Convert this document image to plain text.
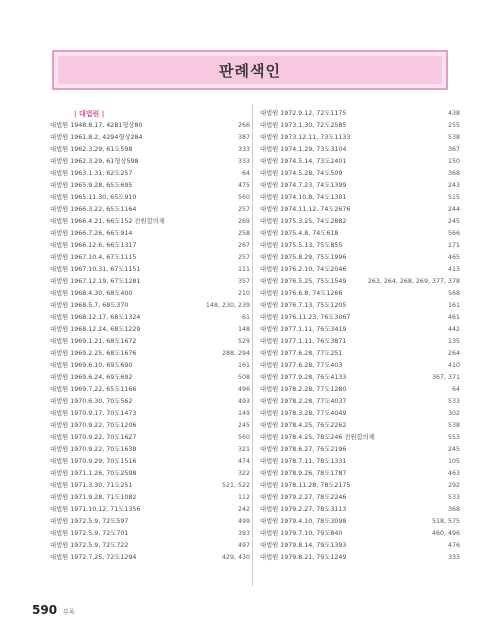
판례색인
| 대법원 |
대법원 1948.8.17, 4281형상80	266
대법원 1961.8.2, 4294형상284	387
대법원 1962.3.29, 61도598	333
대법원 1962.3.29, 61형상598	333
대법원 1963.1.31, 62도257	64
대법원 1965.9.28, 65도695	475
대법원 1965.11.30, 65도910	560
대법원 1966.3.22, 65도1164	257
대법원 1966.4.21, 66도152 전원합의체	269
대법원 1966.7.26, 66도914	258
대법원 1966.12.6, 66도1317	267
대법원 1967.10.4, 67도1115	257
대법원 1967.10.31, 67도1151	111
대법원 1967.12.19, 67도1281	357
대법원 1968.4.30, 68도400	210
대법원 1968.5.7, 68도370	148, 230, 239
대법원 1968.12.17, 68도1324	61
대법원 1968.12.24, 68도1229	148
대법원 1969.1.21, 68도1672	529
대법원 1969.2.25, 68도1676	288, 294
대법원 1969.6.10, 69도690	161
대법원 1969.6.24, 69도692	508
대법원 1969.7.22, 65도1166	496
대법원 1970.6.30, 70도562	493
대법원 1970.9.17, 70도1473	149
대법원 1970.9.22, 70도1206	245
대법원 1970.9.22, 70도1627	560
대법원 1970.9.22, 70도1638	321
대법원 1970.9.29, 70도1516	474
대법원 1971.1.26, 70도2598	322
대법원 1971.3.30, 71도251	521, 522
대법원 1971.9.28, 71도1082	112
대법원 1971.10.12, 71도1356	242
대법원 1972.5.9, 72도597	499
대법원 1972.5.9, 72도701	393
대법원 1972.5.9, 72도722	497
대법원 1972.7.25, 72도1294	429, 430
대법원 1972.9.12, 72도1175	438
대법원 1973.1.30, 72도2585	255
대법원 1973.12.11, 73도1133	538
대법원 1974.1.29, 73도3104	367
대법원 1974.5.14, 73도2401	150
대법원 1974.5.28, 74도509	368
대법원 1974.7.23, 74도1399	243
대법원 1974.10.8, 74도1301	515
대법원 1974.11.12, 74도2676	244
대법원 1975.3.25, 74도2882	245
대법원 1975.4.8, 74도618	566
대법원 1975.5.13, 75도855	171
대법원 1975.8.29, 75도1996	465
대법원 1976.2.10, 74도2046	413
대법원 1976.5.25, 75도1549	263, 264, 268, 269, 377, 378
대법원 1976.6.8, 74도1266	568
대법원 1976.7.13, 75도1205	161
대법원 1976.11.23, 76도3067	461
대법원 1977.1.11, 76도3419	442
대법원 1977.1.11, 76도3871	135
대법원 1977.6.28, 77도251	264
대법원 1977.6.28, 77도403	410
대법원 1977.9.28, 76도4133	367, 371
대법원 1978.2.28, 77도1280	64
대법원 1978.2.28, 77도4037	533
대법원 1978.3.28, 77도4049	302
대법원 1978.4.25, 76도2262	538
대법원 1978.4.25, 78도246 전원합의체	553
대법원 1978.6.27, 76도2196	245
대법원 1978.7.11, 78도1331	105
대법원 1978.9.26, 78도1787	463
대법원 1978.11.28, 78도2175	292
대법원 1979.2.27, 78도2246	533
대법원 1979.2.27, 78도3113	368
대법원 1979.4.10, 78도3098	518, 575
대법원 1979.7.10, 79도840	460, 496
대법원 1979.8.14, 79도1393	476
대법원 1979.8.21, 79도1249	333
590 부록
